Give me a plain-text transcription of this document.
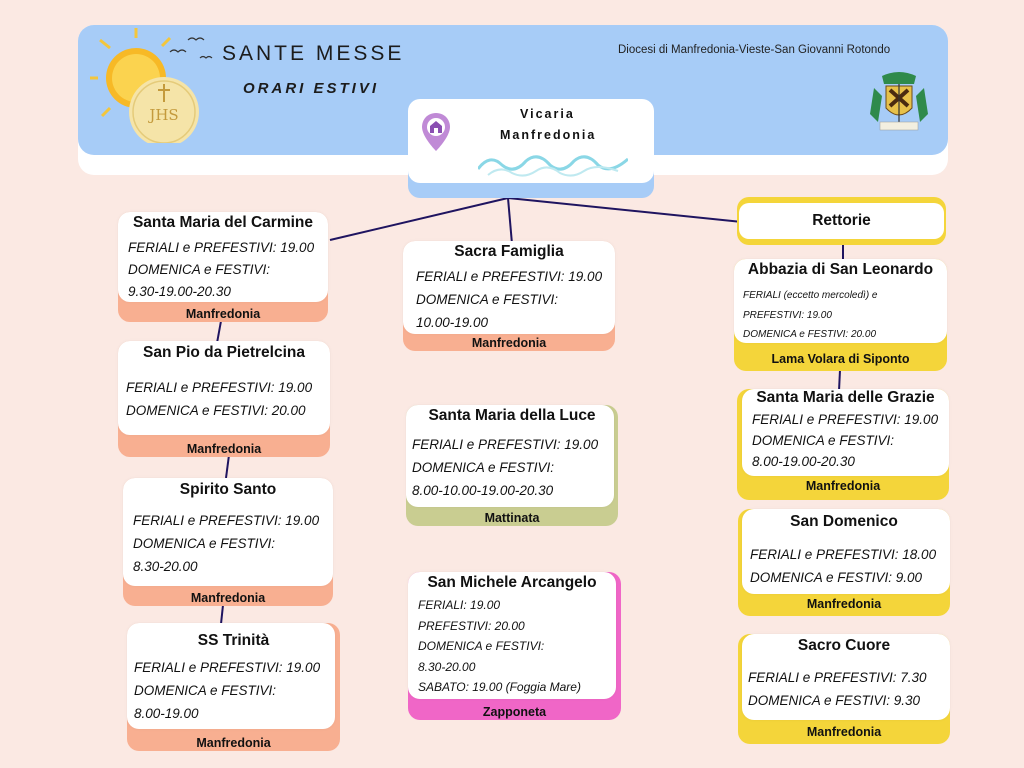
JHS
SANTE MESSE
ORARI ESTIVI
Diocesi di Manfredonia-Vieste-San Giovanni Rotondo
Vicaria
Manfredonia
Santa Maria del Carmine
FERIALI e PREFESTIVI: 19.00
DOMENICA e FESTIVI:
9.30-19.00-20.30
Manfredonia
San Pio da Pietrelcina
FERIALI e PREFESTIVI: 19.00
DOMENICA e FESTIVI: 20.00
Manfredonia
Spirito Santo
FERIALI e PREFESTIVI: 19.00
DOMENICA e FESTIVI:
8.30-20.00
Manfredonia
SS Trinità
FERIALI e PREFESTIVI: 19.00
DOMENICA e FESTIVI:
8.00-19.00
Manfredonia
Sacra Famiglia
FERIALI e PREFESTIVI: 19.00
DOMENICA e FESTIVI:
10.00-19.00
Manfredonia
Santa Maria della Luce
FERIALI e PREFESTIVI: 19.00
DOMENICA e FESTIVI:
8.00-10.00-19.00-20.30
Mattinata
San Michele Arcangelo
FERIALI: 19.00
PREFESTIVI: 20.00
DOMENICA e FESTIVI:
8.30-20.00
SABATO: 19.00 (Foggia Mare)
Zapponeta
Rettorie
Abbazia di San Leonardo
FERIALI (eccetto mercoledì) e
PREFESTIVI: 19.00
DOMENICA e FESTIVI: 20.00
Lama Volara di Siponto
Santa Maria delle Grazie
FERIALI e PREFESTIVI: 19.00
DOMENICA e FESTIVI:
8.00-19.00-20.30
Manfredonia
San Domenico
FERIALI e PREFESTIVI: 18.00
DOMENICA e FESTIVI: 9.00
Manfredonia
Sacro Cuore
FERIALI e PREFESTIVI: 7.30
DOMENICA e FESTIVI: 9.30
Manfredonia
